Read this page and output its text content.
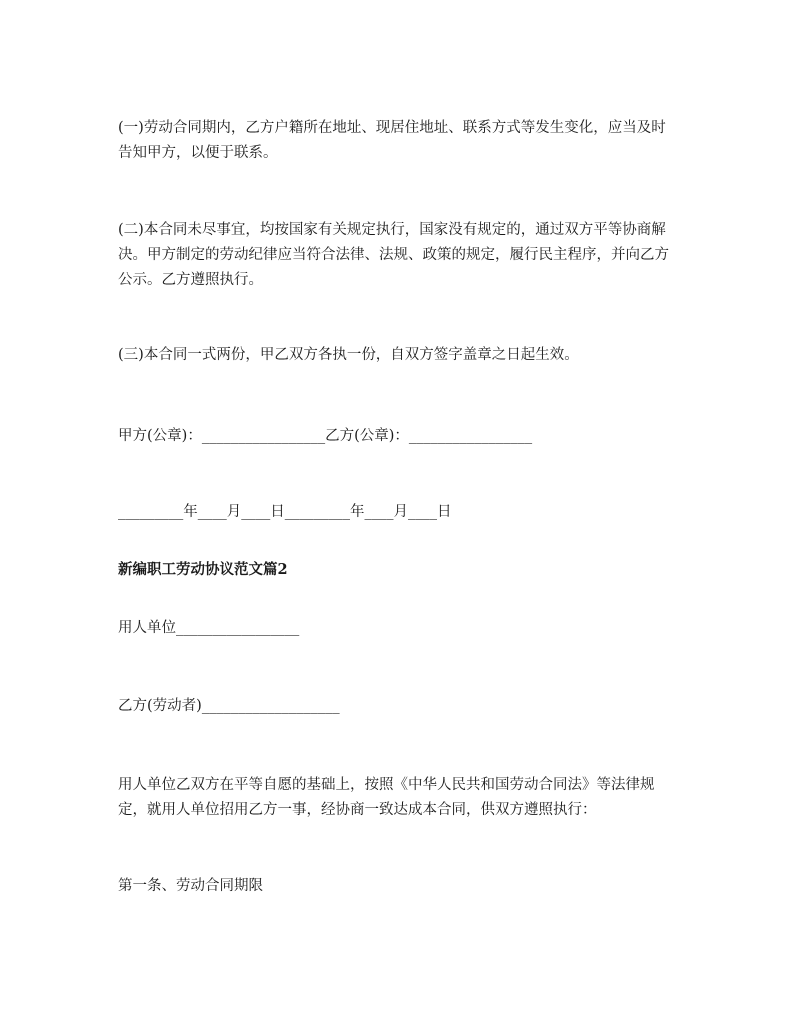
(一)劳动合同期内，乙方户籍所在地址、现居住地址、联系方式等发生变化，应当及时告知甲方，以便于联系。

(二)本合同未尽事宜，均按国家有关规定执行，国家没有规定的，通过双方平等协商解决。甲方制定的劳动纪律应当符合法律、法规、政策的规定，履行民主程序，并向乙方公示。乙方遵照执行。

(三)本合同一式两份，甲乙双方各执一份，自双方签字盖章之日起生效。

甲方(公章)：_________________乙方(公章)：_________________

_________年____月____日_________年____月____日

新编职工劳动协议范文篇2

用人单位_________________

乙方(劳动者)___________________

用人单位乙双方在平等自愿的基础上，按照《中华人民共和国劳动合同法》等法律规定，就用人单位招用乙方一事，经协商一致达成本合同，供双方遵照执行：

第一条、劳动合同期限
